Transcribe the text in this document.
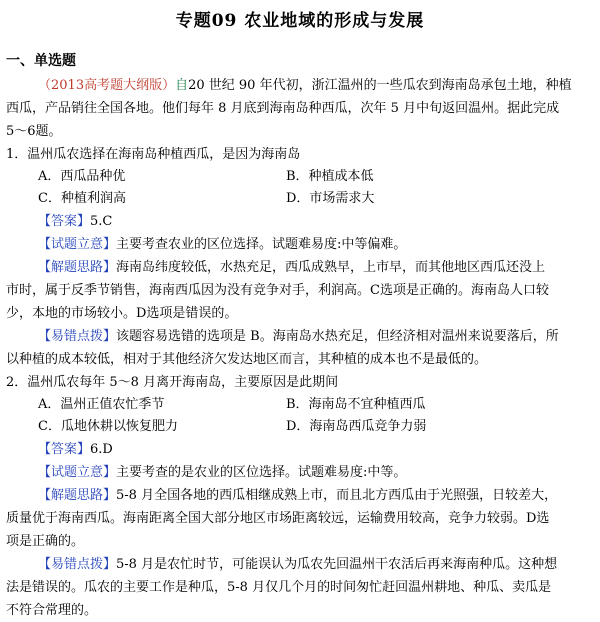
专题09 农业地域的形成与发展
一、单选题
（2013高考题大纲版）自20 世纪 90 年代初，浙江温州的一些瓜农到海南岛承包土地，种植
西瓜，产品销往全国各地。他们每年 8 月底到海南岛种西瓜，次年 5 月中旬返回温州。据此完成
5～6题。
1．温州瓜农选择在海南岛种植西瓜，是因为海南岛
A．西瓜品种优	B．种植成本低
C．种植利润高	D．市场需求大
【答案】5.C
【试题立意】主要考查农业的区位选择。试题难易度:中等偏难。
【解题思路】海南岛纬度较低，水热充足，西瓜成熟早，上市早，而其他地区西瓜还没上
市时，属于反季节销售，海南西瓜因为没有竞争对手，利润高。C选项是正确的。海南岛人口较
少，本地的市场较小。D选项是错误的。
【易错点拨】该题容易选错的选项是 B。海南岛水热充足，但经济相对温州来说要落后，所
以种植的成本较低，相对于其他经济欠发达地区而言，其种植的成本也不是最低的。
2．温州瓜农每年 5～8 月离开海南岛，主要原因是此期间
A．温州正值农忙季节	B．海南岛不宜种植西瓜
C．瓜地休耕以恢复肥力	D．海南岛西瓜竞争力弱
【答案】6.D
【试题立意】主要考查的是农业的区位选择。试题难易度:中等。
【解题思路】5-8 月全国各地的西瓜相继成熟上市，而且北方西瓜由于光照强，日较差大，
质量优于海南西瓜。海南距离全国大部分地区市场距离较远，运输费用较高，竞争力较弱。D选
项是正确的。
【易错点拨】5-8 月是农忙时节，可能误认为瓜农先回温州干农活后再来海南种瓜。这种想
法是错误的。瓜农的主要工作是种瓜，5-8 月仅几个月的时间匆忙赶回温州耕地、种瓜、卖瓜是
不符合常理的。
